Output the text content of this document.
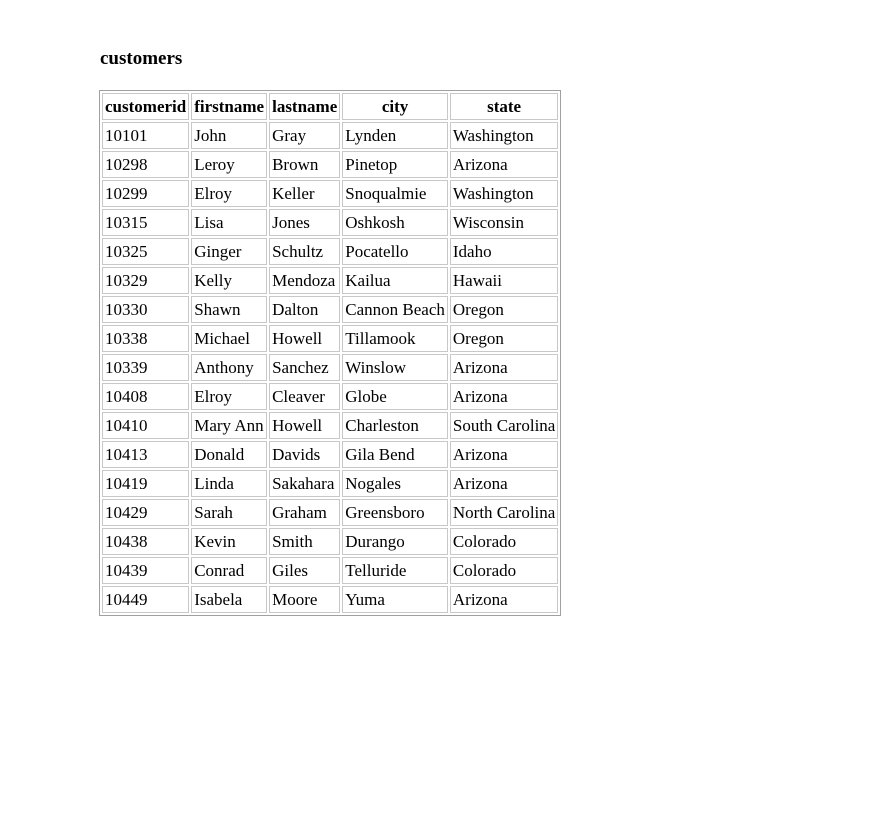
customers
customerid	firstname	lastname	city	state
10101	John	Gray	Lynden	Washington
10298	Leroy	Brown	Pinetop	Arizona
10299	Elroy	Keller	Snoqualmie	Washington
10315	Lisa	Jones	Oshkosh	Wisconsin
10325	Ginger	Schultz	Pocatello	Idaho
10329	Kelly	Mendoza	Kailua	Hawaii
10330	Shawn	Dalton	Cannon Beach	Oregon
10338	Michael	Howell	Tillamook	Oregon
10339	Anthony	Sanchez	Winslow	Arizona
10408	Elroy	Cleaver	Globe	Arizona
10410	Mary Ann	Howell	Charleston	South Carolina
10413	Donald	Davids	Gila Bend	Arizona
10419	Linda	Sakahara	Nogales	Arizona
10429	Sarah	Graham	Greensboro	North Carolina
10438	Kevin	Smith	Durango	Colorado
10439	Conrad	Giles	Telluride	Colorado
10449	Isabela	Moore	Yuma	Arizona
